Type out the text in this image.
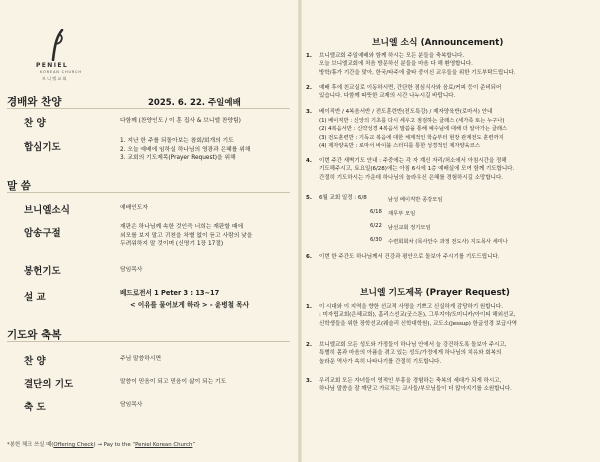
PENIEL
KOREAN CHURCH
브 니 엘 교 회
경배와 찬양	2025. 6. 22. 주일예배
찬 양	다함께 (찬양인도 / 이 훈 집사 & 브니엘 찬양팀)
합심기도
1. 지난 한 주를 되돌아보는 참회/회개의 기도
2. 오늘 예배에 임하실 하나님의 영광과 은혜를 위해
3. 교회의 기도제목(Prayer Request)을 위해
말 씀
브니엘소식	예배인도자
암송구절
재판은 하나님께 속한 것인즉 너희는 재판할 때에
외모를 보지 말고 귀천을 차별 없이 듣고 사람의 낯을
두려워하지 말 것이며 (신명기 1장 17절)
봉헌기도	담임목사
설 교	베드로전서 1 Peter 3 : 13~17
< 이유를 물어보게 하라 > - 윤병철 목사
기도와 축복
찬 양	주님 말씀하시면
결단의 기도	말씀이 믿음이 되고 믿음이 삶이 되는 기도
축 도	담임목사
*봉헌 체크 쓰실 때(Offering Check) → Pay to the “Peniel Korean Church”
브니엘 소식 (Announcement)
1. 브니엘교회 주일예배와 함께 하시는 모든 분들을 축복합니다.
오늘 브니엘교회에 처음 방문하신 분들을 마음 다 해 환영합니다.
방학/휴가 기간을 맞아, 한국/타주에 출타 중이신 교우들을 위한 기도부탁드립니다.
2. 예배 후에 친교실로 이동하시면, 간단한 점심식사와 음료/커피 등이 준비되어
있습니다. 다함께 따뜻한 교제의 시간 나누시길 바랍니다.
3. 베이직반 / 4복음서반 / 전도훈련반(전도특강) / 제자양육반(로마서) 안내
(1) 베이직반 : 신앙의 기초를 다시 세우고 점검하는 클래스 (세가족 또는 누구나)
(2) 4복음서반 : 신약성경 4복음서 말씀을 통해 예수님에 대해 더 알아가는 클래스
(3) 전도훈련반 : 기독교 복음에 대한 체계적인 학습부터 현장 관계전도 훈련까지
(4) 제자양육반 : 로마서 바이블 스터디를 통한 성경적인 제자양육코스
4. 이번 주간 새벽기도 안내 : 주중에는 각 자 계신 자리/처소에서 아침시간을 정해
기도해주시고, 토요일(6/28)에는 아침 6시에 1층 예배실에 모여 함께 기도합니다.
간절히 기도하시는 가운데 하나님의 놀라우신 은혜를 경험하시길 소망합니다.
5. 6월 교회 일정 : 6/8	남성 베이직반 종강모임
6/18 재무부 모임
6/22 남선교회 정기모임
6/30 수련회회차 (목사안수 과정 전도사) 지도목사 세미나
6. 이번 한 주간도 하나님께서 건강과 평안으로 돌보아 주시기를 기도드립니다.
브니엘 기도제목 (Prayer Request)
1. 이 시대와 이 지역을 향한 선교적 사명을 기쁘고 신실하게 감당하기 원합니다.
: 미자립교회(은혜교회), 홈리스선교(굿스톤), 그루지야/도미니카/아이티 해외선교,
신학생들을 위한 장학선교(웨슬리 신학대학원), 교도소(Jessup) 한글성경 보급사역
2. 브니엘교회 모든 성도와 가정들이 하나님 안에서 늘 강건하도록 돌보아 주시고,
특별히 몸과 마음의 아픔을 겪고 있는 성도/가정에게 하나님의 치유와 회복의
놀라운 역사가 속히 나타나기를 간절히 기도합니다.
3. 우리교회 모든 자녀들이 영적인 부흥을 경험하는 축복의 세대가 되게 하시고,
하나님 말씀을 잘 깨닫고 가르치는 교사들/부모님들이 더 많아지기를 소원합니다.
